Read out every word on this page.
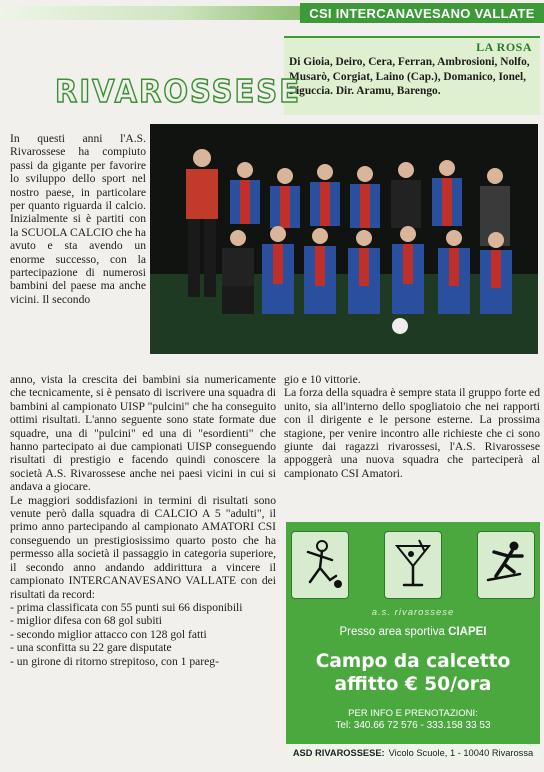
CSI INTERCANAVESANO VALLATE
LA ROSA
Di Gioia, Deiro, Cera, Ferran, Ambrosioni, Nolfo, Musarò, Corgiat, Laino (Cap.), Domanico, Ionel, Figuccia. Dir. Aramu, Barengo.
RIVAROSSESE

In questi anni l'A.S. Rivarossese ha compiuto passi da gigante per favorire lo sviluppo dello sport nel nostro paese, in particolare per quanto riguarda il calcio. Inizialmente si è partiti con la SCUOLA CALCIO che ha avuto e sta avendo un enorme successo, con la partecipazione di numerosi bambini del paese ma anche vicini. Il secondo

anno, vista la crescita dei bambini sia numericamente che tecnicamente, si è pensato di iscrivere una squadra di bambini al campionato UISP "pulcini" che ha conseguito ottimi risultati. L'anno seguente sono state formate due squadre, una di "pulcini" ed una di "esordienti" che hanno partecipato ai due campionati UISP conseguendo risultati di prestigio e facendo quindi conoscere la società A.S. Rivarossese anche nei paesi vicini in cui si andava a giocare.

Le maggiori soddisfazioni in termini di risultati sono venute però dalla squadra di CALCIO A 5 "adulti", il primo anno partecipando al campionato AMATORI CSI conseguendo un prestigiosissimo quarto posto che ha permesso alla società il passaggio in categoria superiore, il secondo anno andando addirittura a vincere il campionato INTERCANAVESANO VALLATE con dei risultati da record:

- prima classificata con 55 punti sui 66 disponibili

- miglior difesa con 68 gol subiti

- secondo miglior attacco con 128 gol fatti

- una sconfitta su 22 gare disputate

- un girone di ritorno strepitoso, con 1 pareg-

gio e 10 vittorie.

La forza della squadra è sempre stata il gruppo forte ed unito, sia all'interno dello spogliatoio che nei rapporti con il dirigente e le persone esterne. La prossima stagione, per venire incontro alle richieste che ci sono giunte dai ragazzi rivarossesi, l'A.S. Rivarossese appoggerà una nuova squadra che parteciperà al campionato CSI Amatori.

a.s. rivarossese
Presso area sportiva CIAPEI
Campo da calcetto
affitto € 50/ora
PER INFO E PRENOTAZIONI:
Tel: 340.66 72 576 - 333.158 33 53
ASD RIVAROSSESE: Vicolo Scuole, 1 - 10040 Rivarossa
